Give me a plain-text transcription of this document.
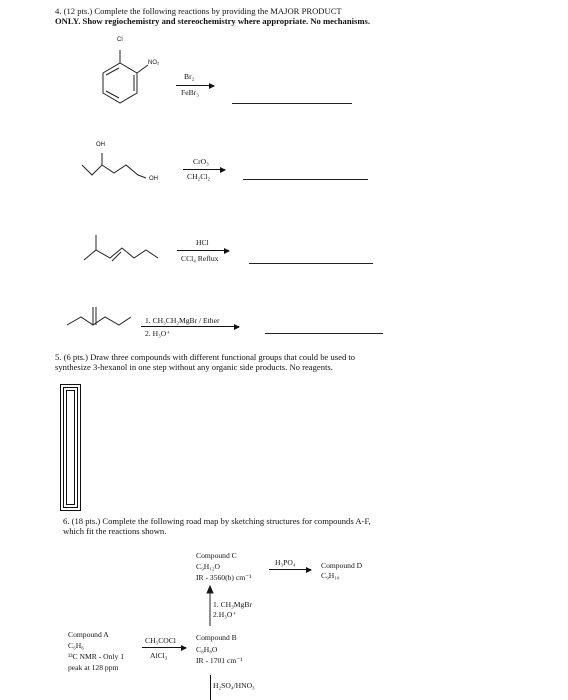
4. (12 pts.) Complete the following reactions by providing the MAJOR PRODUCT
ONLY. Show regiochemistry and stereochemistry where appropriate. No mechanisms.
Cl
NO₂
Br₂
FeBr₃
OH
OH
CrO₃
CH₂Cl₂
HCl
CCl₄ Reflux
1. CH₃CH₂MgBr / Ether
2. H₃O⁺
5. (6 pts.) Draw three compounds with different functional groups that could be used to
synthesize 3-hexanol in one step without any organic side products. No reagents.
6. (18 pts.) Complete the following road map by sketching structures for compounds A-F,
which fit the reactions shown.
Compound C
C₉H₁₂O
IR - 3560(b) cm⁻¹
H₃PO₄	Compound D
C₉H₁₀
1. CH₃MgBr
2.H₃O⁺
Compound A
C₆H₆
¹³C NMR - Only 1
peak at 128 ppm
CH₃COCl
AlCl₃
Compound B
C₈H₈O
IR - 1701 cm⁻¹
H₂SO₄/HNO₃
